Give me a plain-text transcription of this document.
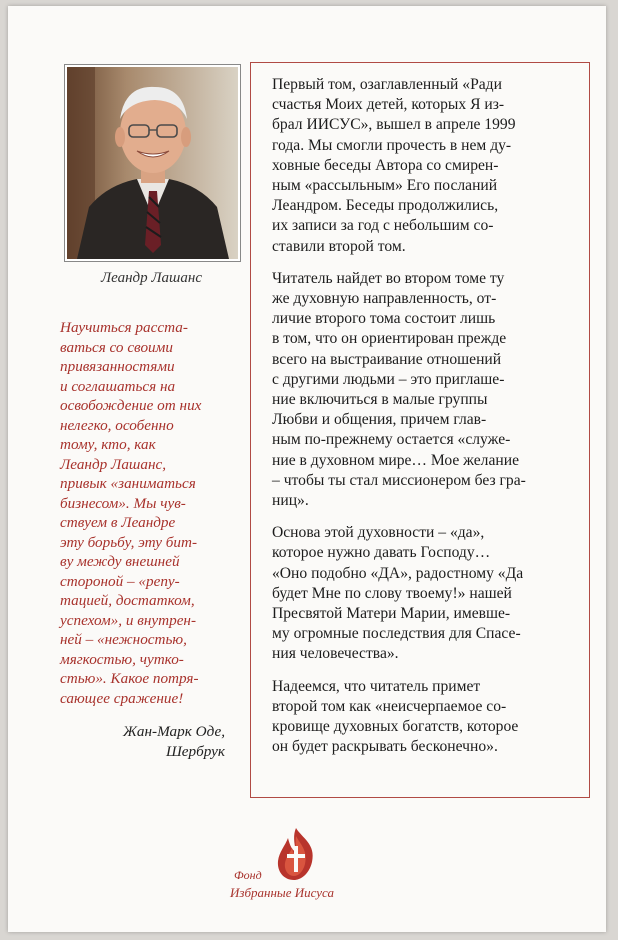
Леандр Лашанс

Научиться расста-
ваться со своими
привязанностями
и соглашаться на
освобождение от них
нелегко, особенно
тому, кто, как
Леандр Лашанс,
привык «заниматься
бизнесом». Мы чув-
ствуем в Леандре
эту борьбу, эту бит-
ву между внешней
стороной – «репу-
тацией, достатком,
успехом», и внутрен-
ней – «нежностью,
мягкостью, чутко-
стью». Какое потря-
сающее сражение!

Жан-Марк Оде,
Шербрук

Первый том, озаглавленный «Ради
счастья Моих детей, которых Я из-
брал ИИСУС», вышел в апреле 1999
года. Мы смогли прочесть в нем ду-
ховные беседы Автора со смирен-
ным «рассыльным» Его посланий
Леандром. Беседы продолжились,
их записи за год с небольшим со-
ставили второй том.

Читатель найдет во втором томе ту
же духовную направленность, от-
личие второго тома состоит лишь
в том, что он ориентирован прежде
всего на выстраивание отношений
с другими людьми – это приглаше-
ние включиться в малые группы
Любви и общения, причем глав-
ным по-прежнему остается «служе-
ние в духовном мире… Мое желание
– чтобы ты стал миссионером без гра-
ниц».

Основа этой духовности – «да»,
которое нужно давать Господу…
«Оно подобно «ДА», радостному «Да
будет Мне по слову твоему!» нашей
Пресвятой Матери Марии, имевше-
му огромные последствия для Спасе-
ния человечества».

Надеемся, что читатель примет
второй том как «неисчерпаемое со-
кровище духовных богатств, которое
он будет раскрывать бесконечно».

Фонд
Избранные Иисуса
